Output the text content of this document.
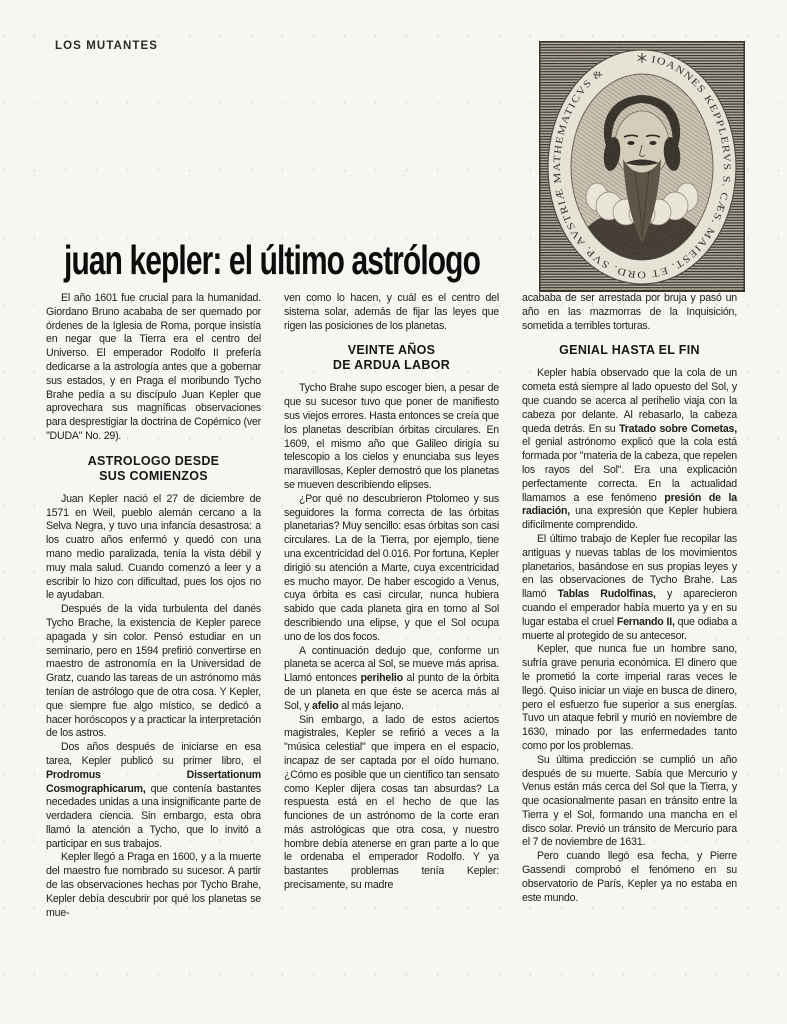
LOS MUTANTES
juan kepler: el último astrólogo

El año 1601 fue crucial para la humanidad. Giordano Bruno acababa de ser quemado por órdenes de la Iglesia de Roma, porque insistía en negar que la Tierra era el centro del Universo. El emperador Rodolfo II prefería dedicarse a la astrología antes que a gobernar sus estados, y en Praga el moribundo Tycho Brahe pedía a su discípulo Juan Kepler que aprovechara sus magníficas observaciones para desprestigiar la doctrina de Copérnico (ver "DUDA" No. 29).

ASTROLOGO DESDE
SUS COMIENZOS

Juan Kepler nació el 27 de diciembre de 1571 en Weil, pueblo alemán cercano a la Selva Negra, y tuvo una infancia desastrosa: a los cuatro años enfermó y quedó con una mano medio paralizada, tenía la vista débil y muy mala salud. Cuando comenzó a leer y a escribir lo hizo con dificultad, pues los ojos no le ayudaban.

Después de la vida turbulenta del danés Tycho Brache, la existencia de Kepler parece apagada y sin color. Pensó estudiar en un seminario, pero en 1594 prefirió convertirse en maestro de astronomía en la Universidad de Gratz, cuando las tareas de un astrónomo más tenían de astrólogo que de otra cosa. Y Kepler, que siempre fue algo místico, se dedicó a hacer horóscopos y a practicar la interpretación de los astros.

Dos años después de iniciarse en esa tarea, Kepler publicó su primer libro, el Prodromus Dissertationum Cosmographicarum, que contenía bastantes necedades unidas a una insignificante parte de verdadera ciencia. Sin embargo, esta obra llamó la atención a Tycho, que lo invitó a participar en sus trabajos.

Kepler llegó a Praga en 1600, y a la muerte del maestro fue nombrado su sucesor. A partir de las observaciones hechas por Tycho Brahe, Kepler debía descubrir por qué los planetas se mue-

ven como lo hacen, y cuál es el centro del sistema solar, además de fijar las leyes que rigen las posiciones de los planetas.

VEINTE AÑOS
DE ARDUA LABOR

Tycho Brahe supo escoger bien, a pesar de que su sucesor tuvo que poner de manifiesto sus viejos errores. Hasta entonces se creía que los planetas describían órbitas circulares. En 1609, el mismo año que Galileo dirigía su telescopio a los cielos y enunciaba sus leyes maravillosas, Kepler demostró que los planetas se mueven describiendo elipses.

¿Por qué no descubrieron Ptolomeo y sus seguidores la forma correcta de las órbitas planetarias? Muy sencillo: esas órbitas son casi circulares. La de la Tierra, por ejemplo, tiene una excentricidad del 0.016. Por fortuna, Kepler dirigió su atención a Marte, cuya excentricidad es mucho mayor. De haber escogido a Venus, cuya órbita es casi circular, nunca hubiera sabido que cada planeta gira en torno al Sol describiendo una elipse, y que el Sol ocupa uno de los dos focos.

A continuación dedujo que, conforme un planeta se acerca al Sol, se mueve más aprisa. Llamó entonces perihelio al punto de la órbita de un planeta en que éste se acerca más al Sol, y afelio al más lejano.

Sin embargo, a lado de estos aciertos magistrales, Kepler se refirió a veces a la "música celestial" que impera en el espacio, incapaz de ser captada por el oído humano. ¿Cómo es posible que un científico tan sensato como Kepler dijera cosas tan absurdas? La respuesta está en el hecho de que las funciones de un astrónomo de la corte eran más astrológicas que otra cosa, y nuestro hombre debía atenerse en gran parte a lo que le ordenaba el emperador Rodolfo. Y ya bastantes problemas tenía Kepler: precisamente, su madre

acababa de ser arrestada por bruja y pasó un año en las mazmorras de la Inquisición, sometida a terribles torturas.

GENIAL HASTA EL FIN

Kepler había observado que la cola de un cometa está siempre al lado opuesto del Sol, y que cuando se acerca al perihelio viaja con la cabeza por delante. Al rebasarlo, la cabeza queda detrás. En su Tratado sobre Cometas, el genial astrónomo explicó que la cola está formada por "materia de la cabeza, que repelen los rayos del Sol". Era una explicación perfectamente correcta. En la actualidad llamamos a ese fenómeno presión de la radiación, una expresión que Kepler hubiera difícilmente comprendido.

El último trabajo de Kepler fue recopilar las antiguas y nuevas tablas de los movimientos planetarios, basándose en sus propias leyes y en las observaciones de Tycho Brahe. Las llamó Tablas Rudolfinas, y aparecieron cuando el emperador había muerto ya y en su lugar estaba el cruel Fernando II, que odiaba a muerte al protegido de su antecesor.

Kepler, que nunca fue un hombre sano, sufría grave penuria económica. El dinero que le prometió la corte imperial raras veces le llegó. Quiso iniciar un viaje en busca de dinero, pero el esfuerzo fue superior a sus energías. Tuvo un ataque febril y murió en noviembre de 1630, minado por las enfermedades tanto como por los problemas.

Su última predicción se cumplió un año después de su muerte. Sabía que Mercurio y Venus están más cerca del Sol que la Tierra, y que ocasionalmente pasan en tránsito entre la Tierra y el Sol, formando una mancha en el disco solar. Previó un tránsito de Mercurio para el 7 de noviembre de 1631.

Pero cuando llegó esa fecha, y Pierre Gassendi comprobó el fenómeno en su observatorio de París, Kepler ya no estaba en este mundo.
